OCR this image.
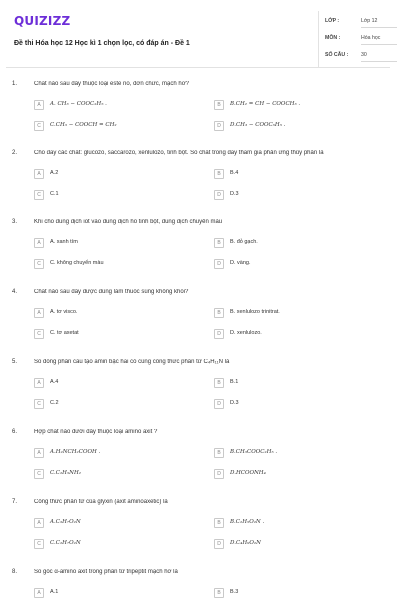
QUIZIZZ
Đề thi Hóa học 12 Học kì 1 chọn lọc, có đáp án - Đề 1
LỚP :	Lớp 12
MÔN :	Hóa học
SỐ CÂU : 30
1.	Chất nào sau đây thuộc loại este no, đơn chức, mạch hở?
A	A. CH₃ − COOC₂H₅ .	B	B.CH₂ = CH − COOCH₃ .
C	C.CH₃ − COOCH = CH₂	D	D.CH₃ − COOC₆H₅ .
2.	Cho dãy các chất: glucozo, saccarozo, xenlulozo, tinh bột. Số chất trong dãy tham gia phản ứng thủy phân là
A	A.2	B	B.4
C	C.1	D	D.3
3.	Khi cho dung dịch iot vào dung dịch hồ tinh bột, dung dịch chuyển màu
A	A. xanh tím	B	B. đỏ gạch.
C	C. không chuyển màu	D	D. vàng.
4.	Chất nào sau đây được dùng làm thuốc súng không khói?
A	A. tơ visco.	B	B. xenlulozo trinitrat.
C	C. tơ axetat	D	D. xenlulozo.
5.	Số đồng phân cấu tạo amin bậc hai có cùng công thức phân tử C₄H₁₁N là
A	A.4	B	B.1
C	C.2	D	D.3
6.	Hợp chất nào dưới đây thuộc loại amino axit ?
A	A.H₂NCH₂COOH .	B	B.CH₃COOC₂H₅ .
C	C.C₂H₅NH₂	D	D.HCOONH₄
7.	Công thức phân tử của glyxin (axit aminoaxetic) là
A	A.C₃H₇O₂N	B	B.C₂H₅O₂N .
C	C.C₂H₇O₂N	D	D.C₄H₉O₂N
8.	Số gốc α-amino axit trong phân tử tripeptit mạch hở là
A	A.1	B	B.3
